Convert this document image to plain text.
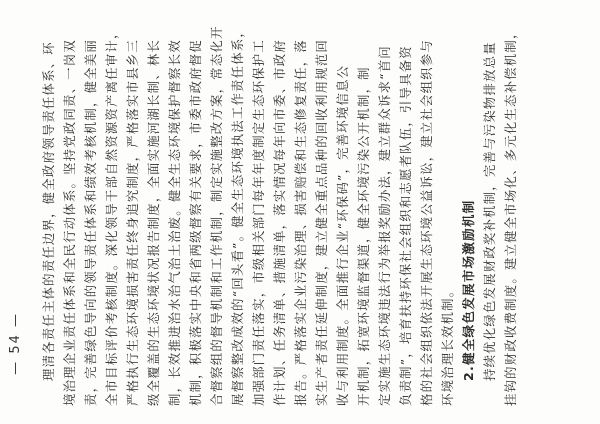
理清各责任主体的责任边界，健全政府领导责任体系、环 境治理企业责任体系和全民行动体系。坚持党政同责、一岗双 责，完善绿色导向的领导责任体系和绩效考核机制，健全美丽 全市目标评价考核制度。深化领导干部自然资源资产离任审计， 严格执行生态环境损害责任终身追究制度，严格落实市县乡三 级全覆盖的生态环境状况报告制度，全面实施河湖长制、林长 制，长效推进治水治气治土治废。健全生态环境保护督察长效 机制，积极落实中央和省两级督察有关要求，市委市政府督促 合督察组的督导机制和工作机制，制定实施整改方案，常态化开 展督察整改成效的“回头看”。健全生态环境执法工作责任体系， 加强部门责任落实，市级相关部门每年年度制定生态环保护工 作计划、任务清单、措施清单，落实情况每年向市委、市政府 报告。严格落实企业污染治理、损害赔偿和生态修复责任，落 实生产者责任延伸制度，建立健全重点品种的回收利用规范回 收与利用制度。全面推行企业“环保码”，完善环境信息公 开机制，拓宽环境监督渠道，健全环境污染公开机制，制 定实施生态环境违法行为举报奖励办法，建立群众诉求“首问 负责制”，培育扶持环保社会组织和志愿者队伍，引导具备资 格的社会组织依法开展生态环境公益诉讼，建立社会组织参与 环境治理长效机制。 2.健全绿色发展市场激励机制 持续优化绿色发展财政奖补机制，完善与污染物排放总量 挂钩的财政收费制度。建立健全市场化、多元化生态补偿机制，
— 54 —
